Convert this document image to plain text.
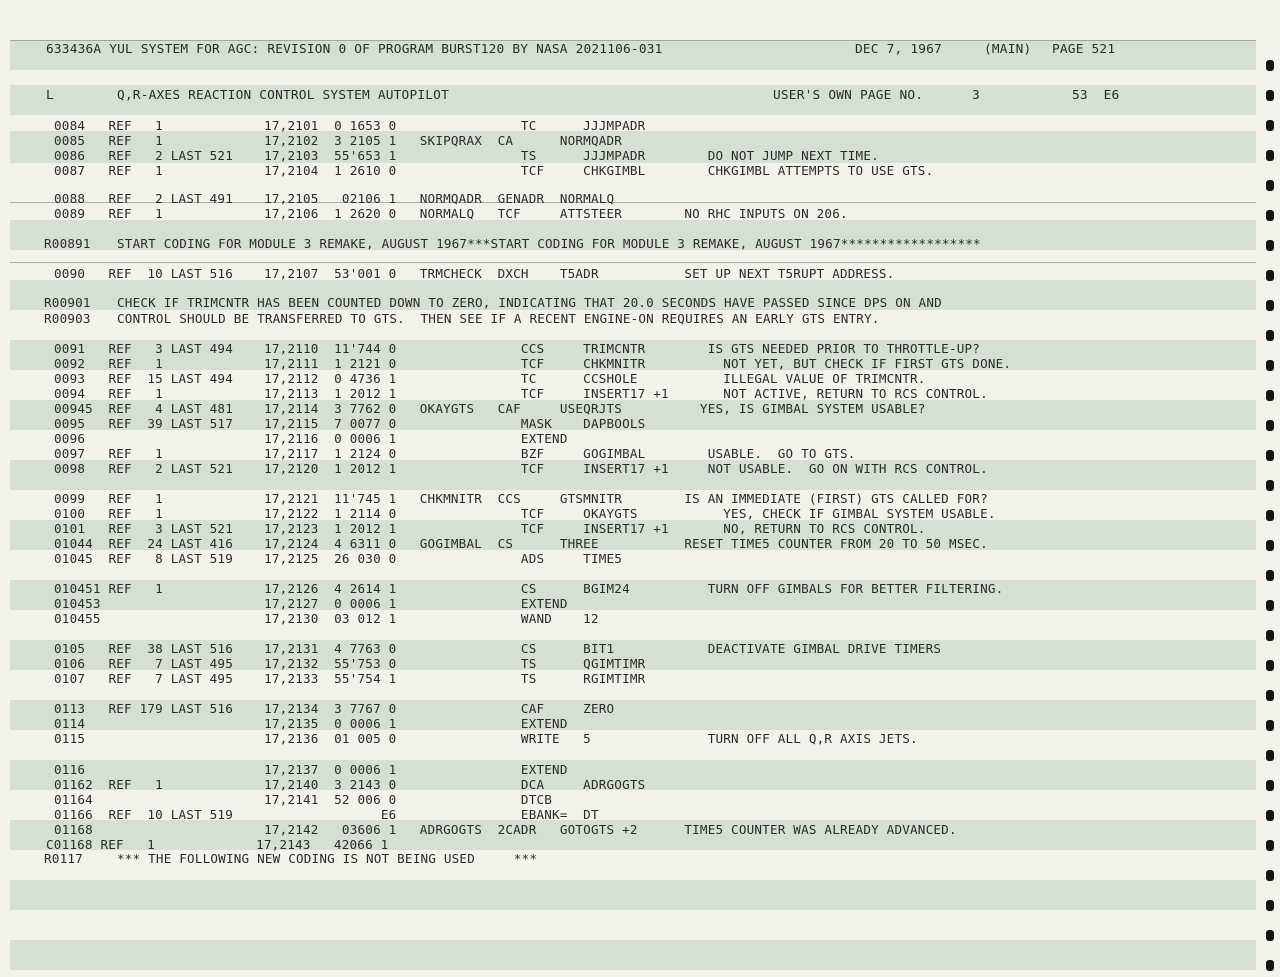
633436A YUL SYSTEM FOR AGC: REVISION 0 OF PROGRAM BURST120 BY NASA 2021106-031	DEC 7, 1967	(MAIN) PAGE 521
L	Q,R-AXES REACTION CONTROL SYSTEM AUTOPILOT	USER'S OWN PAGE NO.	3	53  E6
0084   REF   1             17,2101  0 1653 0                TC      JJJMPADR
0085   REF   1             17,2102  3 2105 1   SKIPQRAX  CA      NORMQADR
0086   REF   2 LAST 521    17,2103  55'653 1                TS      JJJMPADR        DO NOT JUMP NEXT TIME.
0087   REF   1             17,2104  1 2610 0                TCF     CHKGIMBL        CHKGIMBL ATTEMPTS TO USE GTS.
0088   REF   2 LAST 491    17,2105   02106 1   NORMQADR  GENADR  NORMALQ
0089   REF   1             17,2106  1 2620 0   NORMALQ   TCF     ATTSTEER        NO RHC INPUTS ON 206.
R00891 START CODING FOR MODULE 3 REMAKE, AUGUST 1967***START CODING FOR MODULE 3 REMAKE, AUGUST 1967******************
0090   REF  10 LAST 516    17,2107  53'001 0   TRMCHECK  DXCH    T5ADR           SET UP NEXT T5RUPT ADDRESS.
R00901 CHECK IF TRIMCNTR HAS BEEN COUNTED DOWN TO ZERO, INDICATING THAT 20.0 SECONDS HAVE PASSED SINCE DPS ON AND
R00903 CONTROL SHOULD BE TRANSFERRED TO GTS.  THEN SEE IF A RECENT ENGINE-ON REQUIRES AN EARLY GTS ENTRY.
0091   REF   3 LAST 494    17,2110  11'744 0                CCS     TRIMCNTR        IS GTS NEEDED PRIOR TO THROTTLE-UP?
0092   REF   1             17,2111  1 2121 0                TCF     CHKMNITR          NOT YET, BUT CHECK IF FIRST GTS DONE.
0093   REF  15 LAST 494    17,2112  0 4736 1                TC      CCSHOLE           ILLEGAL VALUE OF TRIMCNTR.
0094   REF   1             17,2113  1 2012 1                TCF     INSERT17 +1       NOT ACTIVE, RETURN TO RCS CONTROL.
00945  REF   4 LAST 481    17,2114  3 7762 0   OKAYGTS   CAF     USEQRJTS          YES, IS GIMBAL SYSTEM USABLE?
0095   REF  39 LAST 517    17,2115  7 0077 0                MASK    DAPBOOLS
0096                       17,2116  0 0006 1                EXTEND
0097   REF   1             17,2117  1 2124 0                BZF     GOGIMBAL        USABLE.  GO TO GTS.
0098   REF   2 LAST 521    17,2120  1 2012 1                TCF     INSERT17 +1     NOT USABLE.  GO ON WITH RCS CONTROL.
0099   REF   1             17,2121  11'745 1   CHKMNITR  CCS     GTSMNITR        IS AN IMMEDIATE (FIRST) GTS CALLED FOR?
0100   REF   1             17,2122  1 2114 0                TCF     OKAYGTS           YES, CHECK IF GIMBAL SYSTEM USABLE.
0101   REF   3 LAST 521    17,2123  1 2012 1                TCF     INSERT17 +1       NO, RETURN TO RCS CONTROL.
01044  REF  24 LAST 416    17,2124  4 6311 0   GOGIMBAL  CS      THREE           RESET TIME5 COUNTER FROM 20 TO 50 MSEC.
01045  REF   8 LAST 519    17,2125  26 030 0                ADS     TIME5
010451 REF   1             17,2126  4 2614 1                CS      BGIM24          TURN OFF GIMBALS FOR BETTER FILTERING.
010453                     17,2127  0 0006 1                EXTEND
010455                     17,2130  03 012 1                WAND    12
0105   REF  38 LAST 516    17,2131  4 7763 0                CS      BIT1            DEACTIVATE GIMBAL DRIVE TIMERS
0106   REF   7 LAST 495    17,2132  55'753 0                TS      QGIMTIMR
0107   REF   7 LAST 495    17,2133  55'754 1                TS      RGIMTIMR
0113   REF 179 LAST 516    17,2134  3 7767 0                CAF     ZERO
0114                       17,2135  0 0006 1                EXTEND
0115                       17,2136  01 005 0                WRITE   5               TURN OFF ALL Q,R AXIS JETS.
0116                       17,2137  0 0006 1                EXTEND
01162  REF   1             17,2140  3 2143 0                DCA     ADRGOGTS
01164                      17,2141  52 006 0                DTCB
01166  REF  10 LAST 519                   E6                EBANK=  DT
01168                      17,2142   03606 1   ADRGOGTS  2CADR   GOTOGTS +2      TIME5 COUNTER WAS ALREADY ADVANCED.
C01168 REF   1             17,2143   42066 1
R0117	*** THE FOLLOWING NEW CODING IS NOT BEING USED     ***
